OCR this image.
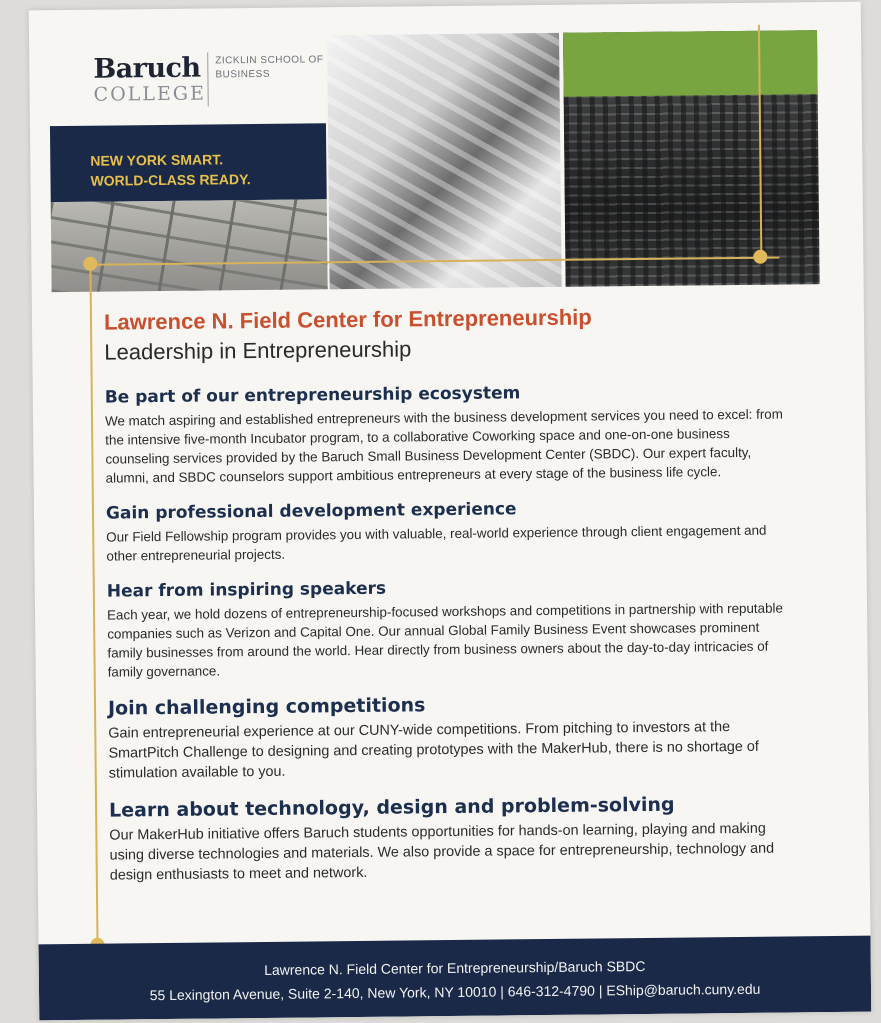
Baruch
COLLEGE
ZICKLIN SCHOOL OF BUSINESS
NEW YORK SMART.
WORLD-CLASS READY.
Lawrence N. Field Center for Entrepreneurship
Leadership in Entrepreneurship
Be part of our entrepreneurship ecosystem

We match aspiring and established entrepreneurs with the business development services you need to excel: from the intensive five-month Incubator program, to a collaborative Coworking space and one-on-one business counseling services provided by the Baruch Small Business Development Center (SBDC). Our expert faculty, alumni, and SBDC counselors support ambitious entrepreneurs at every stage of the business life cycle.

Gain professional development experience

Our Field Fellowship program provides you with valuable, real-world experience through client engagement and other entrepreneurial projects.

Hear from inspiring speakers

Each year, we hold dozens of entrepreneurship-focused workshops and competitions in partnership with reputable companies such as Verizon and Capital One. Our annual Global Family Business Event showcases prominent family businesses from around the world. Hear directly from business owners about the day-to-day intricacies of family governance.

Join challenging competitions

Gain entrepreneurial experience at our CUNY-wide competitions. From pitching to investors at the SmartPitch Challenge to designing and creating prototypes with the MakerHub, there is no shortage of stimulation available to you.

Learn about technology, design and problem-solving

Our MakerHub initiative offers Baruch students opportunities for hands-on learning, playing and making using diverse technologies and materials. We also provide a space for entrepreneurship, technology and design enthusiasts to meet and network.

Lawrence N. Field Center for Entrepreneurship/Baruch SBDC
55 Lexington Avenue, Suite 2-140, New York, NY 10010 | 646-312-4790 | EShip@baruch.cuny.edu
